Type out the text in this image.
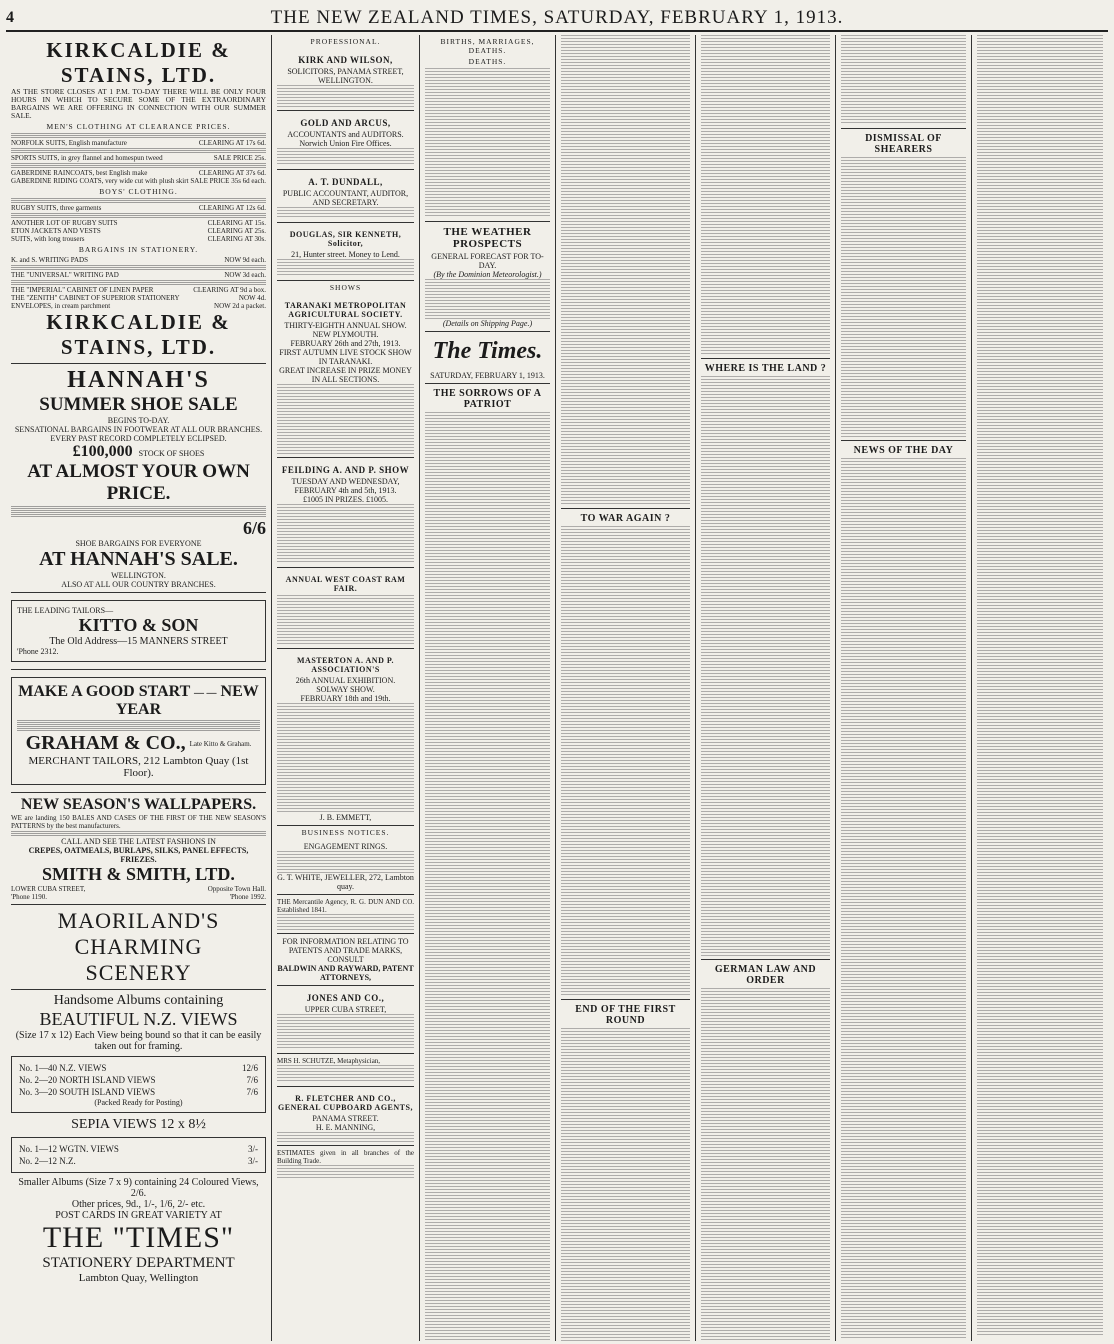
4	THE NEW ZEALAND TIMES, SATURDAY, FEBRUARY 1, 1913.
KIRKCALDIE & STAINS, LTD.
AS THE STORE CLOSES AT 1 P.M. TO-DAY THERE WILL BE ONLY FOUR HOURS IN WHICH TO SECURE SOME OF THE EXTRAORDINARY BARGAINS WE ARE OFFERING IN CONNECTION WITH OUR SUMMER SALE.
MEN'S CLOTHING AT CLEARANCE PRICES.
NORFOLK SUITS, English manufacture	CLEARING AT 17s 6d.
SPORTS SUITS, in grey flannel and homespun tweed	SALE PRICE 25s.
GABERDINE RAINCOATS, best English make	CLEARING AT 37s 6d.
GABERDINE RIDING COATS, very wide cut with plush skirt SALE PRICE 35s 6d each.
BOYS' CLOTHING.
RUGBY SUITS, three garments	CLEARING AT 12s 6d.
ANOTHER LOT OF RUGBY SUITS	CLEARING AT 15s.
ETON JACKETS AND VESTS	CLEARING AT 25s.
SUITS, with long trousers	CLEARING AT 30s.
BARGAINS IN STATIONERY.
K. and S. WRITING PADS	NOW 9d each.
THE "UNIVERSAL" WRITING PAD	NOW 3d each.
THE "IMPERIAL" CABINET OF LINEN PAPER	CLEARING AT 9d a box.
THE "ZENITH" CABINET OF SUPERIOR STATIONERY	NOW 4d.
ENVELOPES, in cream parchment	NOW 2d a packet.
KIRKCALDIE & STAINS, LTD.
HANNAH'S
SUMMER SHOE SALE
BEGINS TO-DAY.
SENSATIONAL BARGAINS IN FOOTWEAR AT ALL OUR BRANCHES.
EVERY PAST RECORD COMPLETELY ECLIPSED.
£100,000 STOCK OF SHOES
AT ALMOST YOUR OWN PRICE.
6/6
SHOE BARGAINS FOR EVERYONE
AT HANNAH'S SALE.
WELLINGTON.
ALSO AT ALL OUR COUNTRY BRANCHES.
THE LEADING TAILORS—
KITTO & SON
The Old Address—15 MANNERS STREET
'Phone 2312.
MAKE A GOOD START — — NEW YEAR
GRAHAM & CO., Late Kitto & Graham.
MERCHANT TAILORS, 212 Lambton Quay (1st Floor).
NEW SEASON'S WALLPAPERS.
WE are landing 150 BALES AND CASES OF THE FIRST OF THE NEW SEASON'S PATTERNS by the best manufacturers.
CALL AND SEE THE LATEST FASHIONS IN
CREPES, OATMEALS, BURLAPS, SILKS, PANEL EFFECTS, FRIEZES.
SMITH & SMITH, LTD.
LOWER CUBA STREET,	Opposite Town Hall.
'Phone 1190.	'Phone 1992.
MAORILAND'S
CHARMING
SCENERY
Handsome Albums containing
BEAUTIFUL N.Z. VIEWS
(Size 17 x 12) Each View being bound so that it can be easily taken out for framing.
No. 1—40 N.Z. VIEWS	12/6
No. 2—20 NORTH ISLAND VIEWS	7/6
No. 3—20 SOUTH ISLAND VIEWS	7/6
(Packed Ready for Posting)
SEPIA VIEWS 12 x 8½
No. 1—12 WGTN. VIEWS	3/-
No. 2—12 N.Z.	3/-
Smaller Albums (Size 7 x 9) containing 24 Coloured Views, 2/6.
Other prices, 9d., 1/-, 1/6, 2/- etc.
POST CARDS IN GREAT VARIETY AT
THE "TIMES"
STATIONERY DEPARTMENT
Lambton Quay, Wellington
PROFESSIONAL.
KIRK AND WILSON,
SOLICITORS, PANAMA STREET, WELLINGTON.
GOLD AND ARCUS,
ACCOUNTANTS and AUDITORS. Norwich Union Fire Offices.
A. T. DUNDALL,
PUBLIC ACCOUNTANT, AUDITOR, AND SECRETARY.
DOUGLAS, SIR KENNETH, Solicitor,
21, Hunter street. Money to Lend.
SHOWS
TARANAKI METROPOLITAN AGRICULTURAL SOCIETY.
THIRTY-EIGHTH ANNUAL SHOW.
NEW PLYMOUTH.
FEBRUARY 26th and 27th, 1913.
FIRST AUTUMN LIVE STOCK SHOW IN TARANAKI.
GREAT INCREASE IN PRIZE MONEY IN ALL SECTIONS.
FEILDING A. AND P. SHOW
TUESDAY AND WEDNESDAY, FEBRUARY 4th and 5th, 1913.
£1005 IN PRIZES. £1005.
ANNUAL WEST COAST RAM FAIR.
MASTERTON A. AND P. ASSOCIATION'S
26th ANNUAL EXHIBITION.
SOLWAY SHOW.
FEBRUARY 18th and 19th.
J. B. EMMETT,
BUSINESS NOTICES.
ENGAGEMENT RINGS.
G. T. WHITE, JEWELLER, 272, Lambton quay.
THE Mercantile Agency, R. G. DUN AND CO. Established 1841.
FOR INFORMATION RELATING TO PATENTS AND TRADE MARKS, CONSULT
BALDWIN AND RAYWARD, PATENT ATTORNEYS,
JONES AND CO.,
UPPER CUBA STREET,
MRS H. SCHUTZE, Metaphysician,
R. FLETCHER AND CO., GENERAL CUPBOARD AGENTS,
PANAMA STREET.
H. E. MANNING,
ESTIMATES given in all branches of the Building Trade.
BIRTHS, MARRIAGES, DEATHS.
DEATHS.
THE WEATHER PROSPECTS
GENERAL FORECAST FOR TO-DAY.
(By the Dominion Meteorologist.)
(Details on Shipping Page.)
The Times.
SATURDAY, FEBRUARY 1, 1913.
THE SORROWS OF A PATRIOT
TO WAR AGAIN ?
END OF THE FIRST ROUND
WHERE IS THE LAND ?
GERMAN LAW AND ORDER
DISMISSAL OF SHEARERS
NEWS OF THE DAY
